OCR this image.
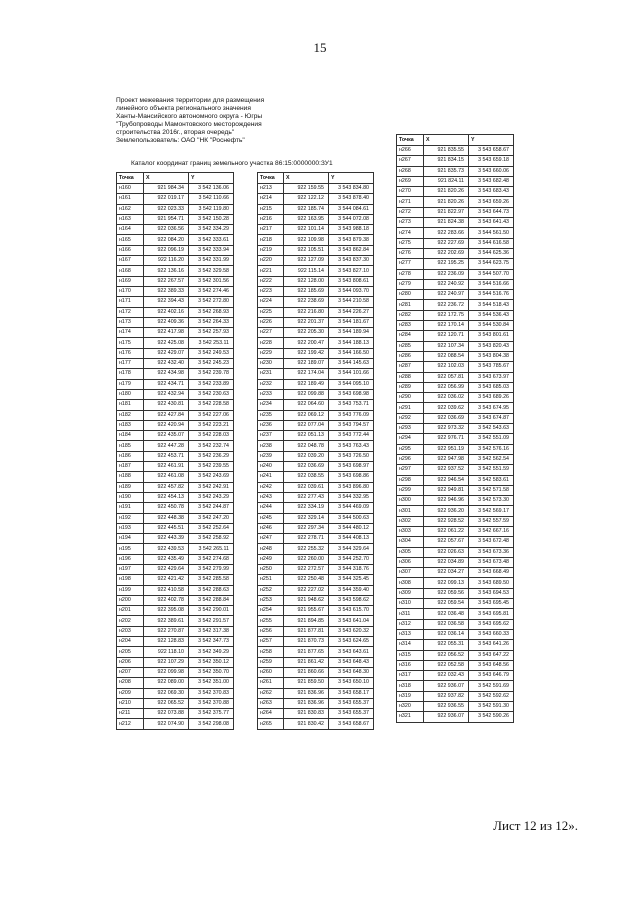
15
Проект межевания территории для размещения
линейного объекта регионального значения
Ханты-Мансийского автономного округа - Югры
"Трубопроводы Мамонтовского месторождения
строительства 2016г., вторая очередь"
Землепользователь: ОАО "НК "Роснефть"
Каталог координат границ земельного участка 86:15:0000000:ЗУ1
Точка	X	Y
н160	921 984.34	3 542 136.06
н161	922 019.17	3 542 110.66
н162	922 023.33	3 542 119.80
н163	921 954.71	3 542 150.28
н164	922 036.56	3 542 334.29
н165	922 084.20	3 542 333.61
н166	922 096.19	3 542 333.94
н167	922 116.20	3 542 331.99
н168	922 136.16	3 542 329.58
н169	922 267.57	3 542 301.56
н170	922 389.33	3 542 274.46
н171	922 394.43	3 542 272.80
н172	922 402.16	3 542 268.93
н173	922 409.36	3 542 264.33
н174	922 417.98	3 542 257.93
н175	922 425.08	3 542 253.11
н176	922 429.07	3 542 249.53
н177	922 432.40	3 542 245.23
н178	922 434.98	3 542 239.78
н179	922 434.71	3 542 233.89
н180	922 432.94	3 542 230.63
н181	922 430.81	3 542 228.58
н182	922 427.84	3 542 227.06
н183	922 420.94	3 542 223.21
н184	922 435.07	3 542 228.03
н185	922 447.28	3 542 232.74
н186	922 453.71	3 542 236.29
н187	922 461.91	3 542 239.55
н188	922 461.08	3 542 243.69
н189	922 457.82	3 542 242.91
н190	922 454.13	3 542 243.29
н191	922 450.78	3 542 244.87
н192	922 448.38	3 542 247.20
н193	922 445.51	3 542 252.64
н194	922 443.39	3 542 258.92
н195	922 439.53	3 542 265.11
н196	922 435.49	3 542 274.68
н197	922 429.64	3 542 279.99
н198	922 421.42	3 542 285.58
н199	922 410.58	3 542 288.63
н200	922 402.78	3 542 288.84
н201	922 395.08	3 542 290.01
н202	922 389.61	3 542 291.57
н203	922 270.87	3 542 317.38
н204	922 128.83	3 542 347.73
н205	922 118.10	3 542 349.29
н206	922 107.29	3 542 350.12
н207	922 099.98	3 542 350.70
н208	922 089.00	3 542 351.00
н209	922 069.30	3 542 370.83
н210	922 065.52	3 542 370.88
н211	922 073.88	3 542 375.77
н212	922 074.90	3 542 298.08
Точка	X	Y
н213	922 159.55	3 543 834.80
н214	922 122.12	3 543 878.40
н215	922 185.74	3 544 084.61
н216	922 163.95	3 544 072.08
н217	922 101.14	3 543 988.18
н218	922 109.98	3 543 879.38
н219	922 105.51	3 543 862.84
н220	922 127.09	3 543 837.30
н221	922 115.14	3 543 827.10
н222	922 128.00	3 543 808.61
н223	922 185.69	3 544 093.70
н224	922 238.69	3 544 210.58
н225	922 216.80	3 544 226.27
н226	922 201.37	3 544 181.67
н227	922 205.30	3 544 189.94
н228	922 200.47	3 544 188.13
н229	922 199.42	3 544 166.50
н230	922 189.07	3 544 145.63
н231	922 174.04	3 544 101.66
н232	922 189.49	3 544 095.10
н233	922 099.88	3 543 698.98
н234	922 064.60	3 543 753.71
н235	922 069.12	3 543 776.09
н236	922 077.04	3 543 794.57
н237	922 051.13	3 543 772.44
н238	922 048.78	3 543 763.43
н239	922 039.20	3 543 726.50
н240	922 036.69	3 543 698.97
н241	922 038.55	3 543 698.86
н242	922 039.61	3 543 896.80
н243	922 277.43	3 544 332.95
н244	922 334.19	3 544 469.09
н245	922 329.14	3 544 500.63
н246	922 297.34	3 544 480.12
н247	922 278.71	3 544 408.13
н248	922 255.32	3 544 329.64
н249	922 260.00	3 544 252.70
н250	922 272.57	3 544 318.76
н251	922 250.48	3 544 325.45
н252	922 227.02	3 544 359.40
н253	921 948.62	3 543 598.62
н254	921 955.67	3 543 615.70
н255	921 894.85	3 543 641.04
н256	921 877.81	3 543 620.32
н257	921 870.73	3 543 624.65
н258	921 877.65	3 543 643.61
н259	921 861.42	3 543 648.43
н260	921 860.66	3 543 648.30
н261	921 859.50	3 543 650.10
н262	921 836.96	3 543 658.17
н263	921 836.96	3 543 655.37
н264	921 830.83	3 543 655.37
н265	921 830.42	3 543 658.67
Точка	X	Y
н266	921 835.55	3 543 658.67
н267	921 834.15	3 543 659.18
н268	921 835.73	3 543 660.06
н269	921 824.11	3 543 682.48
н270	921 820.26	3 543 683.43
н271	921 820.26	3 543 659.26
н272	921 822.97	3 543 644.73
н273	921 824.38	3 543 641.43
н274	922 283.66	3 544 561.50
н275	922 227.69	3 544 616.58
н276	922 202.69	3 544 625.36
н277	922 195.25	3 544 623.75
н278	922 236.09	3 544 507.70
н279	922 240.92	3 544 516.66
н280	922 240.97	3 544 516.76
н281	922 236.72	3 544 518.43
н282	922 172.75	3 544 536.43
н283	922 170.14	3 544 530.84
н284	922 120.71	3 543 801.61
н285	922 107.34	3 543 820.43
н286	922 088.54	3 543 804.38
н287	922 102.03	3 543 785.67
н288	922 057.81	3 543 673.97
н289	922 056.99	3 543 685.03
н290	922 036.02	3 543 689.26
н291	922 039.62	3 543 674.95
н292	922 036.69	3 543 674.87
н293	922 973.32	3 542 543.63
н294	922 976.71	3 542 551.09
н295	922 951.19	3 542 576.16
н296	922 947.98	3 542 562.54
н297	922 937.52	3 542 551.59
н298	922 946.54	3 542 583.61
н299	922 949.81	3 542 571.58
н300	922 946.96	3 542 573.30
н301	922 936.20	3 542 569.17
н302	922 928.52	3 542 557.59
н303	922 061.22	3 542 667.16
н304	922 057.67	3 543 672.48
н305	922 026.63	3 543 673.36
н306	922 034.89	3 543 673.48
н307	922 034.27	3 543 668.49
н308	922 099.13	3 543 689.50
н309	922 059.56	3 543 694.53
н310	922 059.54	3 543 695.45
н311	922 036.48	3 543 695.81
н312	922 036.58	3 543 695.62
н313	922 036.14	3 543 660.33
н314	922 055.31	3 543 641.26
н315	922 056.52	3 543 647.22
н316	922 052.58	3 543 648.56
н317	922 032.43	3 543 646.79
н318	922 936.07	3 542 591.69
н319	922 937.82	3 542 592.62
н320	922 936.55	3 542 591.30
н321	922 936.07	3 542 590.26
Лист 12 из 12».
